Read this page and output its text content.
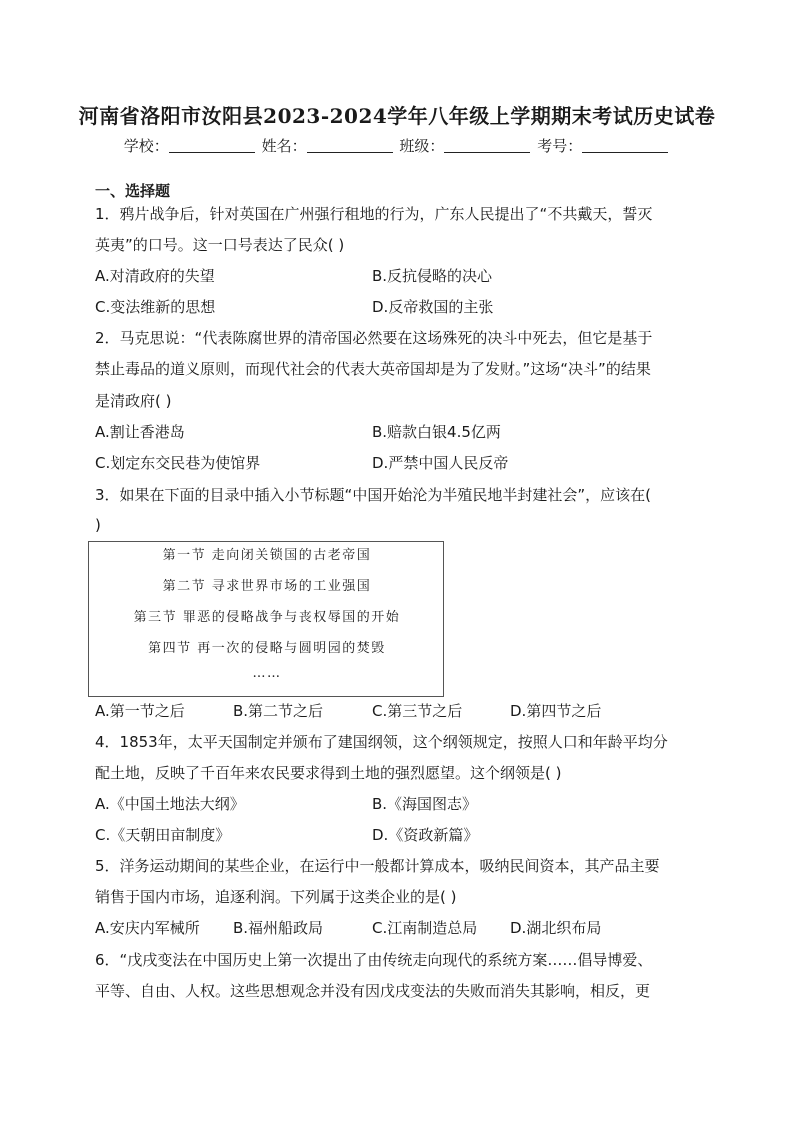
河南省洛阳市汝阳县2023-2024学年八年级上学期期末考试历史试卷
学校：	姓名：	班级：	考号：
一、选择题
1．鸦片战争后，针对英国在广州强行租地的行为，广东人民提出了“不共戴天，誓灭
英夷”的口号。这一口号表达了民众( )
A.对清政府的失望	B.反抗侵略的决心
C.变法维新的思想	D.反帝救国的主张
2．马克思说：“代表陈腐世界的清帝国必然要在这场殊死的决斗中死去，但它是基于
禁止毒品的道义原则，而现代社会的代表大英帝国却是为了发财。”这场“决斗”的结果
是清政府( )
A.割让香港岛	B.赔款白银4.5亿两
C.划定东交民巷为使馆界	D.严禁中国人民反帝
3．如果在下面的目录中插入小节标题“中国开始沦为半殖民地半封建社会”，应该在(
)
第一节 走向闭关锁国的古老帝国
第二节 寻求世界市场的工业强国
第三节 罪恶的侵略战争与丧权辱国的开始
第四节 再一次的侵略与圆明园的焚毁
……
A.第一节之后	B.第二节之后	C.第三节之后	D.第四节之后
4．1853年，太平天国制定并颁布了建国纲领，这个纲领规定，按照人口和年龄平均分
配土地，反映了千百年来农民要求得到土地的强烈愿望。这个纲领是( )
A.《中国土地法大纲》	B.《海国图志》
C.《天朝田亩制度》	D.《资政新篇》
5．洋务运动期间的某些企业，在运行中一般都计算成本，吸纳民间资本，其产品主要
销售于国内市场，追逐利润。下列属于这类企业的是( )
A.安庆内军械所 B.福州船政局	C.江南制造总局 D.湖北织布局
6．“戊戌变法在中国历史上第一次提出了由传统走向现代的系统方案……倡导博爱、
平等、自由、人权。这些思想观念并没有因戊戌变法的失败而消失其影响，相反，更
